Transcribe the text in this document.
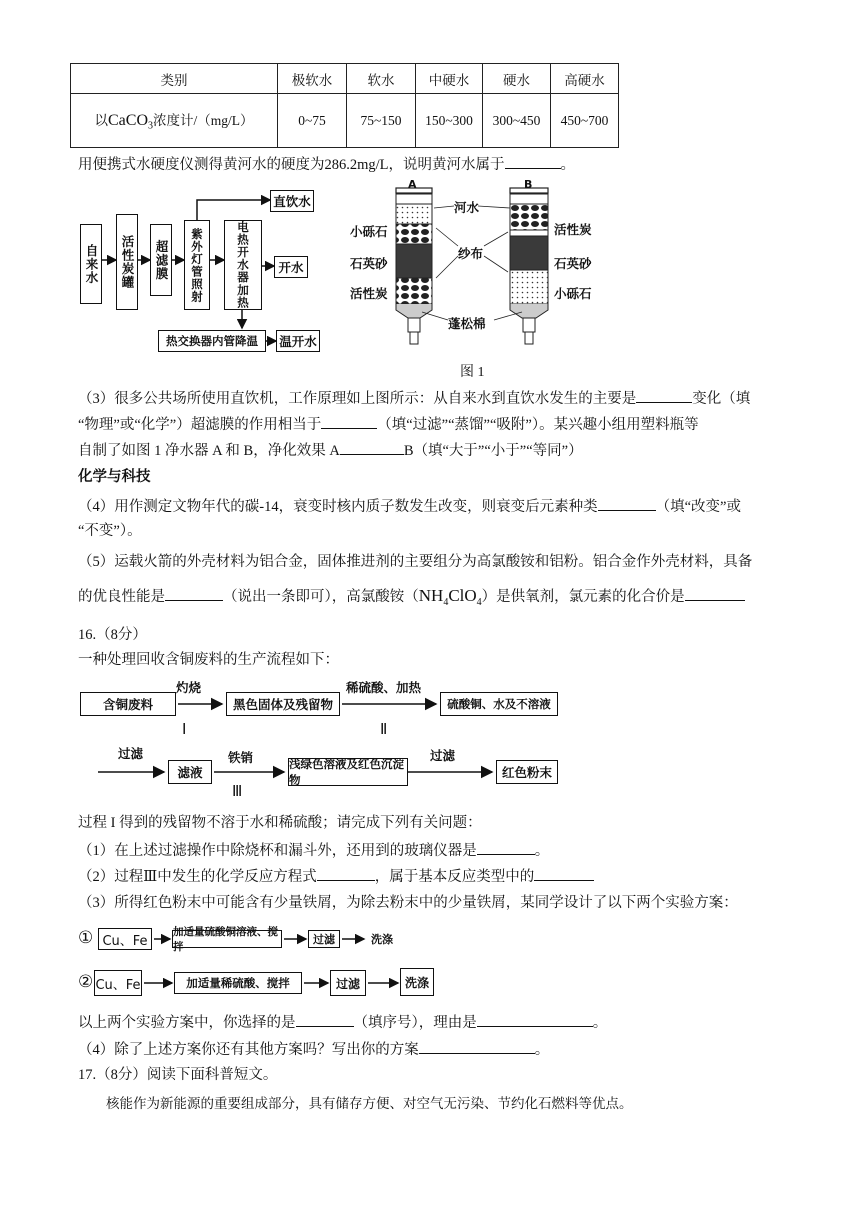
类别	极软水	软水	中硬水	硬水	高硬水
以CaCO$_3$浓度计/（mg/L）	0~75	75~150	150~300	300~450	450~700
用便携式水硬度仪测得黄河水的硬度为286.2mg/L，说明黄河水属于	。
自来水	活性炭罐	超滤膜	紫外灯管照射	电热开水器
加热
直饮水
开水
热交换器内管降温	温开水
A	B
河水
小砾石
石英砂
活性炭
纱布
蓬松棉
活性炭
石英砂
小砾石
图 1
（3）很多公共场所使用直饮机，工作原理如上图所示：从自来水到直饮水发生的主要是	变化（填
“物理”或“化学”）超滤膜的作用相当于	（填“过滤”“蒸馏”“吸附”）。某兴趣小组用塑料瓶等
自制了如图 1 净水器 A 和 B，净化效果 A	B（填“大于”“小于”“等同”）
化学与科技
（4）用作测定文物年代的碳-14，衰变时核内质子数发生改变，则衰变后元素种类	（填“改变”或
“不变”）。
（5）运载火箭的外壳材料为铝合金，固体推进剂的主要组分为高氯酸铵和铝粉。铝合金作外壳材料，具备
的优良性能是	（说出一条即可），高氯酸铵$(NH_4ClO_4)$是供氧剂，氯元素的化合价是
16.（8分）
一种处理回收含铜废料的生产流程如下：
含铜废料
灼烧
Ⅰ
黑色固体及残留物
稀硫酸、加热
Ⅱ
硫酸铜、水及不溶液
过滤
滤液
铁销
Ⅲ
浅绿色溶液及红色沉淀物
过滤
红色粉末
过程 I 得到的残留物不溶于水和稀硫酸；请完成下列有关问题：
（1）在上述过滤操作中除烧杯和漏斗外，还用到的玻璃仪器是	。
（2）过程Ⅲ中发生的化学反应方程式	，属于基本反应类型中的
（3）所得红色粉末中可能含有少量铁屑，为除去粉末中的少量铁屑，某同学设计了以下两个实验方案：
① Cu、Fe
加适量硫酸铜溶液、搅拌
过滤	洗涤
② Cu、Fe	加适量稀硫酸、搅拌	过滤	洗涤
以上两个实验方案中，你选择的是	（填序号），理由是	。
（4）除了上述方案你还有其他方案吗？写出你的方案	。
17.（8分）阅读下面科普短文。
核能作为新能源的重要组成部分，具有储存方便、对空气无污染、节约化石燃料等优点。
